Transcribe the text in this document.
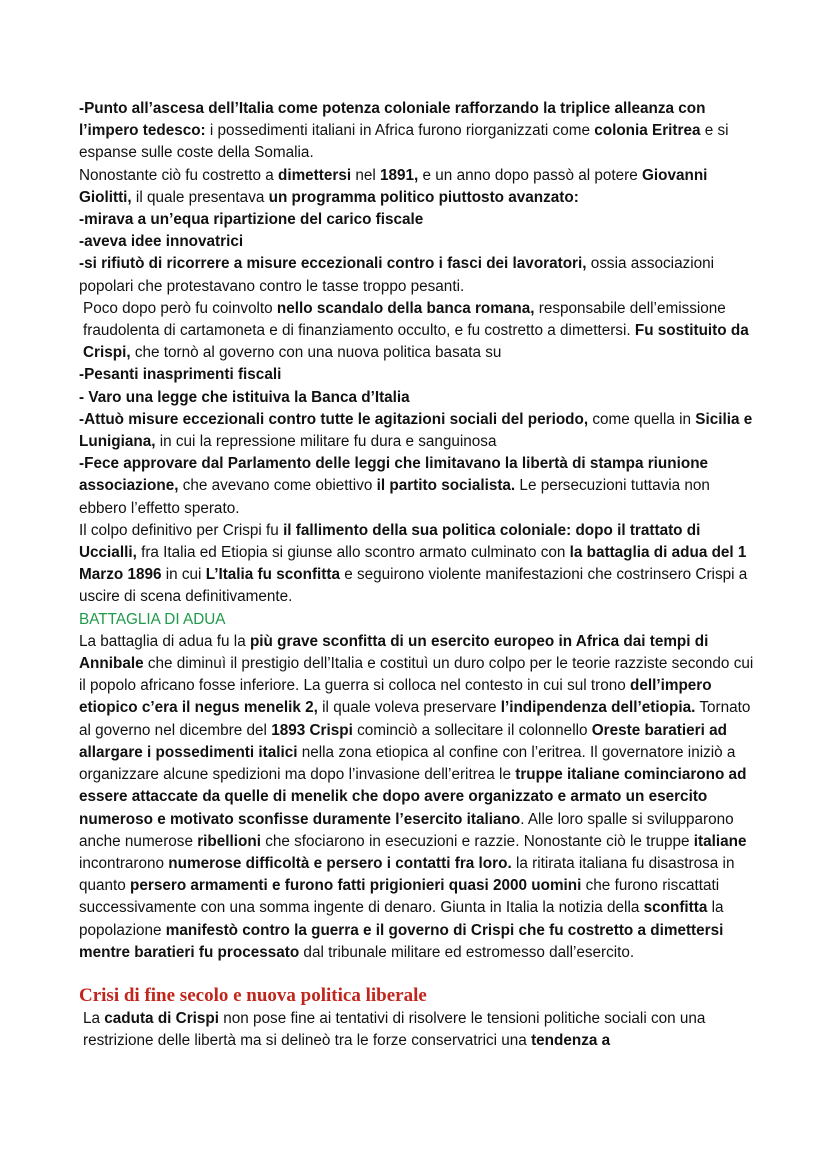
-Punto all’ascesa dell’Italia come potenza coloniale rafforzando la triplice alleanza con l’impero tedesco: i possedimenti italiani in Africa furono riorganizzati come colonia Eritrea e si espanse sulle coste della Somalia.

Nonostante ciò fu costretto a dimettersi nel 1891, e un anno dopo passò al potere Giovanni Giolitti, il quale presentava un programma politico piuttosto avanzato:

-mirava a un’equa ripartizione del carico fiscale

-aveva idee innovatrici

-si rifiutò di ricorrere a misure eccezionali contro i fasci dei lavoratori, ossia associazioni popolari che protestavano contro le tasse troppo pesanti.

Poco dopo però fu coinvolto nello scandalo della banca romana, responsabile dell’emissione fraudolenta di cartamoneta e di finanziamento occulto, e fu costretto a dimettersi. Fu sostituito da Crispi, che tornò al governo con una nuova politica basata su

-Pesanti inasprimenti fiscali

- Varo una legge che istituiva la Banca d’Italia

-Attuò misure eccezionali contro tutte le agitazioni sociali del periodo, come quella in Sicilia e Lunigiana, in cui la repressione militare fu dura e sanguinosa

-Fece approvare dal Parlamento delle leggi che limitavano la libertà di stampa riunione associazione, che avevano come obiettivo il partito socialista. Le persecuzioni tuttavia non ebbero l’effetto sperato.

Il colpo definitivo per Crispi fu il fallimento della sua politica coloniale: dopo il trattato di Uccialli, fra Italia ed Etiopia si giunse allo scontro armato culminato con la battaglia di adua del 1 Marzo 1896 in cui L’Italia fu sconfitta e seguirono violente manifestazioni che costrinsero Crispi a uscire di scena definitivamente.

BATTAGLIA DI ADUA

La battaglia di adua fu la più grave sconfitta di un esercito europeo in Africa dai tempi di Annibale che diminuì il prestigio dell’Italia e costituì un duro colpo per le teorie razziste secondo cui il popolo africano fosse inferiore. La guerra si colloca nel contesto in cui sul trono dell’impero etiopico c’era il negus menelik 2, il quale voleva preservare l’indipendenza dell’etiopia. Tornato al governo nel dicembre del 1893 Crispi cominciò a sollecitare il colonnello Oreste baratieri ad allargare i possedimenti italici nella zona etiopica al confine con l’eritrea. Il governatore iniziò a organizzare alcune spedizioni ma dopo l’invasione dell’eritrea le truppe italiane cominciarono ad essere attaccate da quelle di menelik che dopo avere organizzato e armato un esercito numeroso e motivato sconfisse duramente l’esercito italiano. Alle loro spalle si svilupparono anche numerose ribellioni che sfociarono in esecuzioni e razzie. Nonostante ciò le truppe italiane incontrarono numerose difficoltà e persero i contatti fra loro. la ritirata italiana fu disastrosa in quanto persero armamenti e furono fatti prigionieri quasi 2000 uomini che furono riscattati successivamente con una somma ingente di denaro. Giunta in Italia la notizia della sconfitta la popolazione manifestò contro la guerra e il governo di Crispi che fu costretto a dimettersi mentre baratieri fu processato dal tribunale militare ed estromesso dall’esercito.

Crisi di fine secolo e nuova politica liberale

La caduta di Crispi non pose fine ai tentativi di risolvere le tensioni politiche sociali con una restrizione delle libertà ma si delineò tra le forze conservatrici una tendenza a
